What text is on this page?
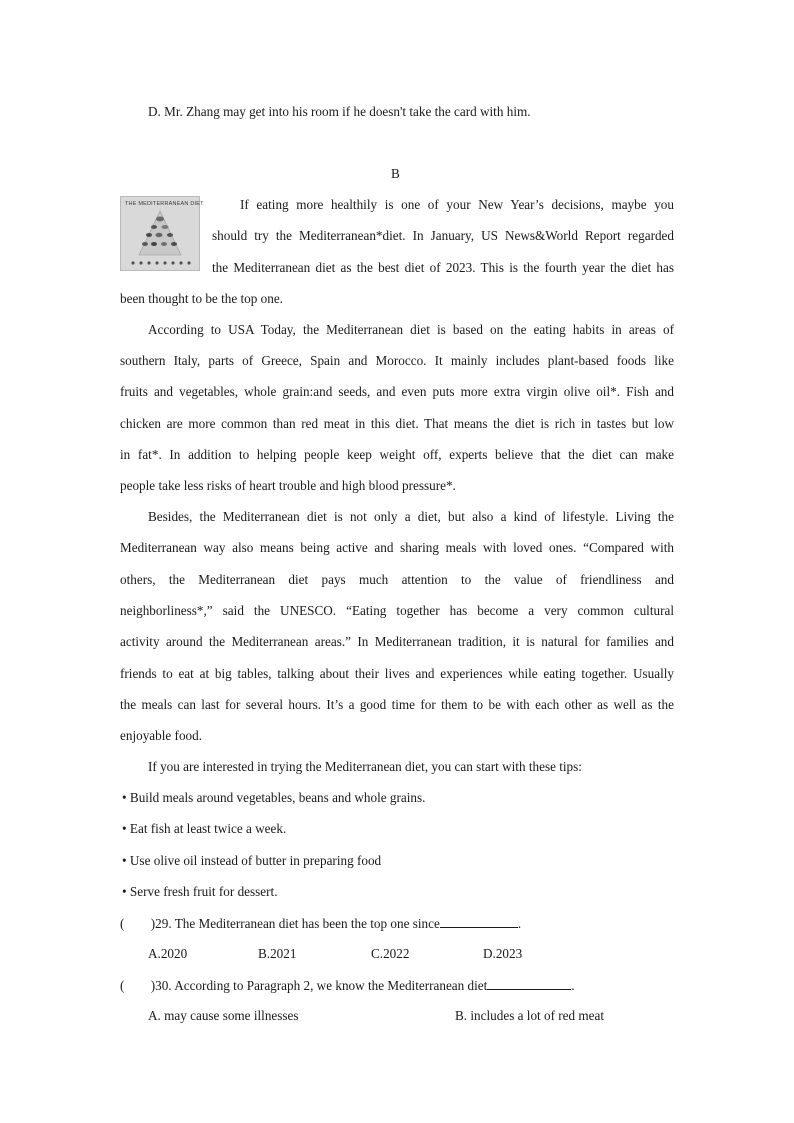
D. Mr. Zhang may get into his room if he doesn't take the card with him.
B
THE MEDITERRANEAN DIET	If eating more healthily is one of your New Year’s decisions, maybe you
should try the Mediterranean*diet. In January, US News&World Report regarded
the Mediterranean diet as the best diet of 2023. This is the fourth year the diet has
been thought to be the top one.
According to USA Today, the Mediterranean diet is based on the eating habits in areas of
southern Italy, parts of Greece, Spain and Morocco. It mainly includes plant-based foods like
fruits and vegetables, whole grain:and seeds, and even puts more extra virgin olive oil*. Fish and
chicken are more common than red meat in this diet. That means the diet is rich in tastes but low
in fat*. In addition to helping people keep weight off, experts believe that the diet can make
people take less risks of heart trouble and high blood pressure*.
Besides, the Mediterranean diet is not only a diet, but also a kind of lifestyle. Living the
Mediterranean way also means being active and sharing meals with loved ones. “Compared with
others, the Mediterranean diet pays much attention to the value of friendliness and
neighborliness*,” said the UNESCO. “Eating together has become a very common cultural
activity around the Mediterranean areas.” In Mediterranean tradition, it is natural for families and
friends to eat at big tables, talking about their lives and experiences while eating together. Usually
the meals can last for several hours. It’s a good time for them to be with each other as well as the
enjoyable food.
If you are interested in trying the Mediterranean diet, you can start with these tips:
• Build meals around vegetables, beans and whole grains.
• Eat fish at least twice a week.
• Use olive oil instead of butter in preparing food
• Serve fresh fruit for dessert.
(        )29. The Mediterranean diet has been the top one since	.
A.2020	B.2021	C.2022	D.2023
(        )30. According to Paragraph 2, we know the Mediterranean diet	.
A. may cause some illnesses	B. includes a lot of red meat
